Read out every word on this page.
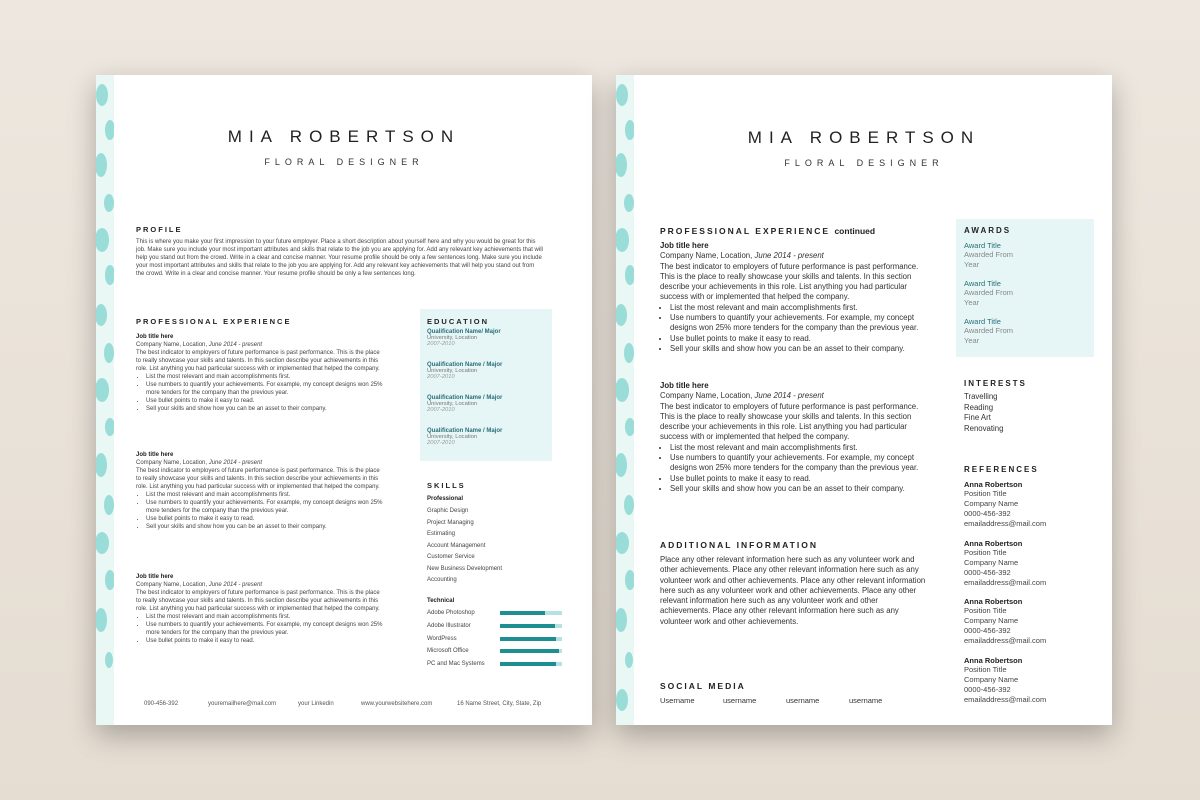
MIA ROBERTSON
FLORAL DESIGNER
PROFILE
This is where you make your first impression to your future employer. Place a short description about yourself here and why you would be great for this job. Make sure you include your most important attributes and skills that relate to the job you are applying for. Add any relevant key achievements that will help you stand out from the crowd. Write in a clear and concise manner. Your resume profile should be only a few sentences long. Make sure you include your most important attributes and skills that relate to the job you are applying for. Add any relevant key achievements that will help you stand out from the crowd. Write in a clear and concise manner. Your resume profile should be only a few sentences long.
PROFESSIONAL EXPERIENCE	EDUCATION
Qualification Name/ Major
University, Location
2007-2010
Qualification Name / Major
University, Location
2007-2010
Qualification Name / Major
University, Location
2007-2010
Qualification Name / Major
University, Location
2007-2010
SKILLS
Professional
Technical
090-456-392	youremailhere@mail.com	your Linkedin	www.yourwebsitehere.com	16 Name Street, City, State, Zip
Job title here
Company Name, Location, June 2014 - present
The best indicator to employers of future performance is past performance. This is the place to really showcase your skills and talents. In this section describe your achievements in this role. List anything you had particular success with or implemented that helped the company.
• List the most relevant and main accomplishments first.
• Use numbers to quantify your achievements. For example, my concept designs won 25% more tenders for the company than the previous year.
• Use bullet points to make it easy to read.
• Sell your skills and show how you can be an asset to their company.
Job title here
Company Name, Location, June 2014 - present
The best indicator to employers of future performance is past performance. This is the place to really showcase your skills and talents. In this section describe your achievements in this role. List anything you had particular success with or implemented that helped the company.
• List the most relevant and main accomplishments first.
• Use numbers to quantify your achievements. For example, my concept designs won 25% more tenders for the company than the previous year.
• Use bullet points to make it easy to read.
• Sell your skills and show how you can be an asset to their company.
Job title here
Company Name, Location, June 2014 - present
The best indicator to employers of future performance is past performance. This is the place to really showcase your skills and talents. In this section describe your achievements in this role. List anything you had particular success with or implemented that helped the company.
• List the most relevant and main accomplishments first.
• Use numbers to quantify your achievements. For example, my concept designs won 25% more tenders for the company than the previous year.
• Use bullet points to make it easy to read.
Graphic Design
Project Managing
Estimating
Account Management
Customer Service
New Business Development
Accounting
Adobe Photoshop
Adobe Illustrator
WordPress
Microsoft Office
PC and Mac Systems
MIA ROBERTSON
FLORAL DESIGNER
PROFESSIONAL EXPERIENCE continued
ADDITIONAL INFORMATION
Place any other relevant information here such as any volunteer work and other achievements. Place any other relevant information here such as any volunteer work and other achievements. Place any other relevant information here such as any volunteer work and other achievements. Place any other relevant information here such as any volunteer work and other achievements. Place any other relevant information here such as any volunteer work and other achievements.
SOCIAL MEDIA
AWARDS
Award Title
Awarded From
Year
Award Title
Awarded From
Year
Award Title
Awarded From
Year
INTERESTS
REFERENCES
Job title here
Company Name, Location, June 2014 - present
The best indicator to employers of future performance is past performance. This is the place to really showcase your skills and talents. In this section describe your achievements in this role. List anything you had particular success with or implemented that helped the company.
• List the most relevant and main accomplishments first.
• Use numbers to quantify your achievements. For example, my concept designs won 25% more tenders for the company than the previous year.
• Use bullet points to make it easy to read.
• Sell your skills and show how you can be an asset to their company.
Job title here
Company Name, Location, June 2014 - present
The best indicator to employers of future performance is past performance. This is the place to really showcase your skills and talents. In this section describe your achievements in this role. List anything you had particular success with or implemented that helped the company.
• List the most relevant and main accomplishments first.
• Use numbers to quantify your achievements. For example, my concept designs won 25% more tenders for the company than the previous year.
• Use bullet points to make it easy to read.
• Sell your skills and show how you can be an asset to their company.
Travelling
Reading
Fine Art
Renovating
Anna Robertson
Position Title
Company Name
0000-456-392
emailaddress@mail.com
Anna Robertson
Position Title
Company Name
0000-456-392
emailaddress@mail.com
Anna Robertson
Position Title
Company Name
0000-456-392
emailaddress@mail.com
Anna Robertson
Position Title
Company Name
0000-456-392
emailaddress@mail.com
Username	username	username	username
